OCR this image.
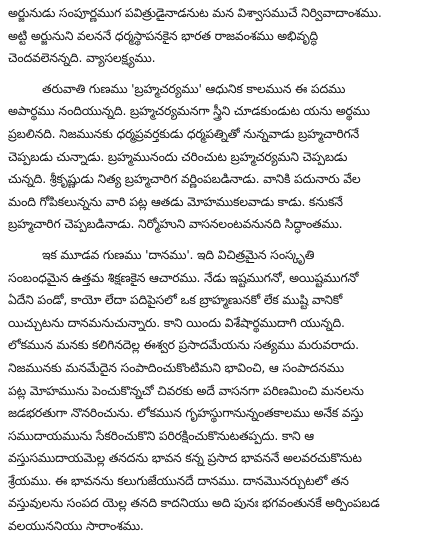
అర్జునుడు సంపూర్ణముగ పవిత్రుడైనాడనుట మన విశ్వాసముచే నిర్వివాదాంశము.
అట్టి అర్జునుని వలననే ధర్మస్థాపనకైన భారత రాజవంశము అభివృద్ధి
చెందవలెనన్నది. వ్యాసలక్ష్యము.

తరువాతి గుణము 'బ్రహ్మచర్యము' ఆధునిక కాలమున ఈ పదము
అపార్థము నందియున్నది. బ్రహ్మచర్యమనగా స్త్రీని చూడకుండుట యను అర్థము
ప్రబలినది. నిజమునకు ధర్మప్రవర్తకుడు ధర్మపత్నితో నున్నవాడు బ్రహ్మచారిగనే
చెప్పబడు చున్నాడు. బ్రహ్మమునందు చరించుట బ్రహ్మచర్యమని చెప్పబడు
చున్నది. శ్రీకృష్ణుడు నిత్య బ్రహ్మచారిగ వర్ణింపబడినాడు. వానికి పదునారు వేల
మంది గోపికలున్నను వారి పట్ల ఆతడు మోహముకలవాడు కాడు. కనుకనే
బ్రహ్మచారిగ చెప్పబడినాడు. నిర్మోహుని వాసనలంటవనునది సిద్ధాంతము.

ఇక మూడవ గుణము 'దానము'. ఇది విచిత్రమైన సంస్కృతి
సంబంధమైన ఉత్తమ శిక్షణకైన ఆచారము. నేడు ఇష్టముగనో, అయిష్టముగనో
ఏదేని పండో, కాయో లేదా పదిపైసలో ఒక బ్రాహ్మణునకో లేక ముష్టి వానికో
యిచ్చుటను దానమనుచున్నారు. కాని యిందు విశేషార్థముదాగి యున్నది.
లోకమున మనకు కలిగినదెల్ల ఈశ్వర ప్రసాదమేయను సత్యము మరువరాదు.
నిజమునకు మనమేదైన సంపాదించుకొంటిమని భావించి, ఆ సంపాదనము
పట్ల మోహమును పెంచుకొన్నచో చివరకు అదే వాసనగా పరిణమించి మనలను
జడభరతుగా నొనరించును. లోకమున గృహస్థుగానున్నంతకాలము అనేక వస్తు
సముదాయమును సేకరించుకొని పరిరక్షించుకొనుటతప్పదు. కాని ఆ
వస్తుసముదాయమెల్ల తనదను భావన కన్న ప్రసాద భావననే అలవరచుకొనుట
శ్రేయము. ఈ భావనను కలుగుజేయునదే దానము. దానమొనర్చుటలో తన
వస్తువులను సంపద యెల్ల తనది కాదనియు అది పునః భగవంతునకే అర్పింపబడ
వలయుననియు సారాంశము.
